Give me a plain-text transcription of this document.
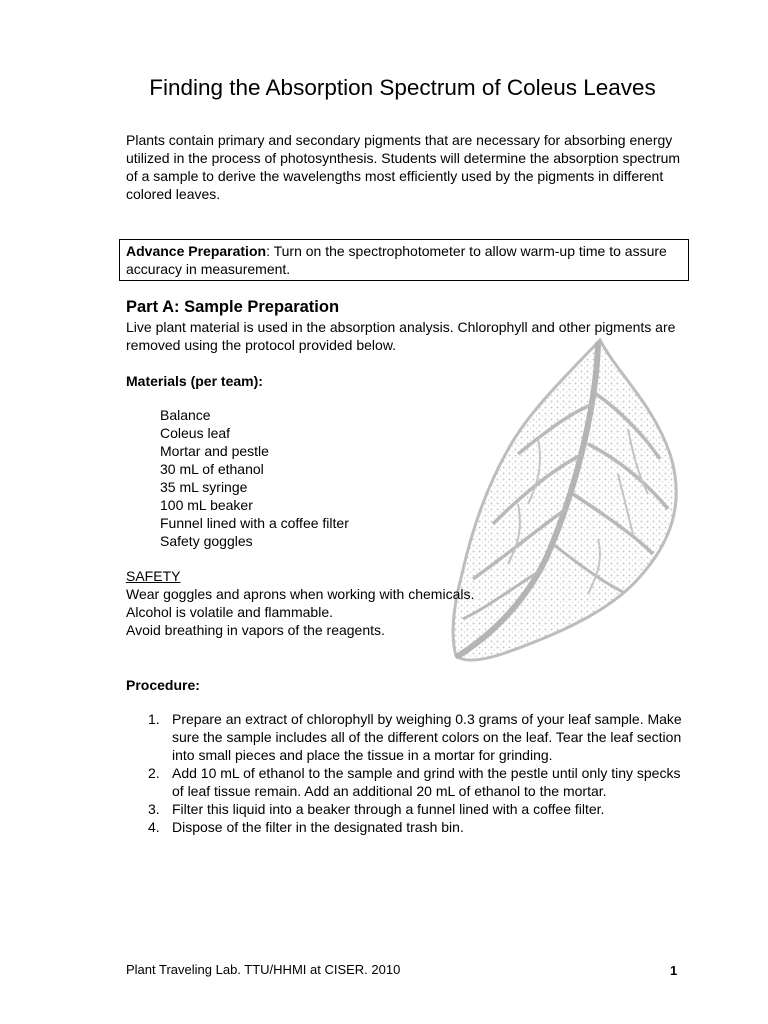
Finding the Absorption Spectrum of Coleus Leaves

Plants contain primary and secondary pigments that are necessary for absorbing energy utilized in the process of photosynthesis. Students will determine the absorption spectrum of a sample to derive the wavelengths most efficiently used by the pigments in different colored leaves.

Advance Preparation: Turn on the spectrophotometer to allow warm-up time to assure accuracy in measurement.
Part A: Sample Preparation

Live plant material is used in the absorption analysis. Chlorophyll and other pigments are removed using the protocol provided below.

Materials (per team):
Balance
Coleus leaf
Mortar and pestle
30 mL of ethanol
35 mL syringe
100 mL beaker
Funnel lined with a coffee filter
Safety goggles
SAFETY
Wear goggles and aprons when working with chemicals.
Alcohol is volatile and flammable.
Avoid breathing in vapors of the reagents.
Procedure:
1. Prepare an extract of chlorophyll by weighing 0.3 grams of your leaf sample. Make sure the sample includes all of the different colors on the leaf. Tear the leaf section into small pieces and place the tissue in a mortar for grinding.
2. Add 10 mL of ethanol to the sample and grind with the pestle until only tiny specks of leaf tissue remain. Add an additional 20 mL of ethanol to the mortar.
3. Filter this liquid into a beaker through a funnel lined with a coffee filter.
4. Dispose of the filter in the designated trash bin.

Plant Traveling Lab. TTU/HHMI at CISER. 2010	1
